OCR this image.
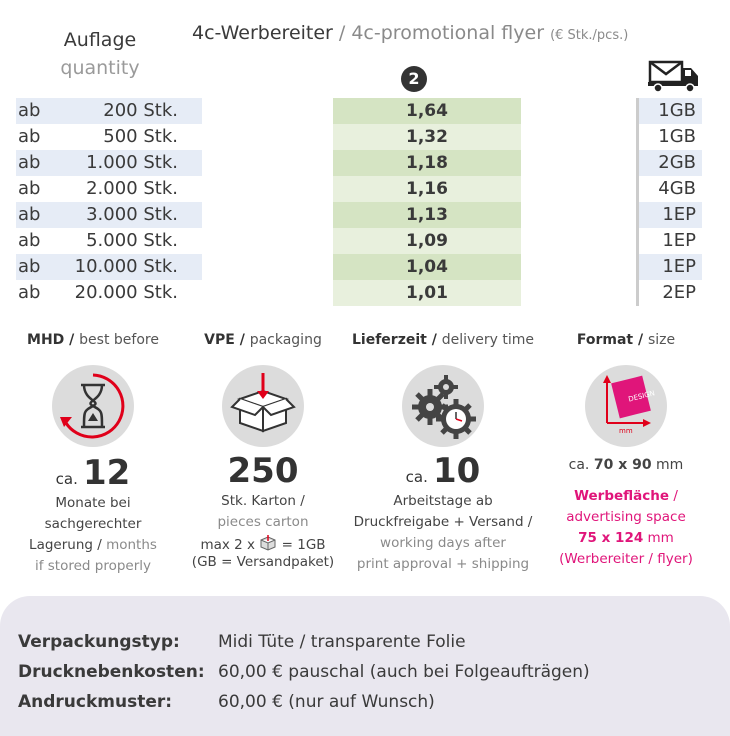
Auflage
quantity
4c-Werbereiter / 4c-promotional flyer (€ Stk./pcs.)
2
ab	200 Stk.	1,64	1GB
ab	500 Stk.	1,32	1GB
ab	1.000 Stk.	1,18	2GB
ab	2.000 Stk.	1,16	4GB
ab	3.000 Stk.	1,13	1EP
ab	5.000 Stk.	1,09	1EP
ab	10.000 Stk.	1,04	1EP
ab	20.000 Stk.	1,01	2EP
MHD / best before
ca. 12
Monate bei
sachgerechter
Lagerung / months
if stored properly
VPE / packaging
250
Stk. Karton /
pieces carton
max 2 x = 1GB
(GB = Versandpaket)
Lieferzeit / delivery time
ca. 10
Arbeitstage ab
Druckfreigabe + Versand /
working days after
print approval + shipping
Format / size
DESIGN
mm
ca. 70 x 90 mm
Werbefläche /
advertising space
75 x 124 mm
(Werbereiter / flyer)
Verpackungstyp: Midi Tüte / transparente Folie
Drucknebenkosten: 60,00 € pauschal (auch bei Folgeaufträgen)
Andruckmuster:	60,00 € (nur auf Wunsch)
